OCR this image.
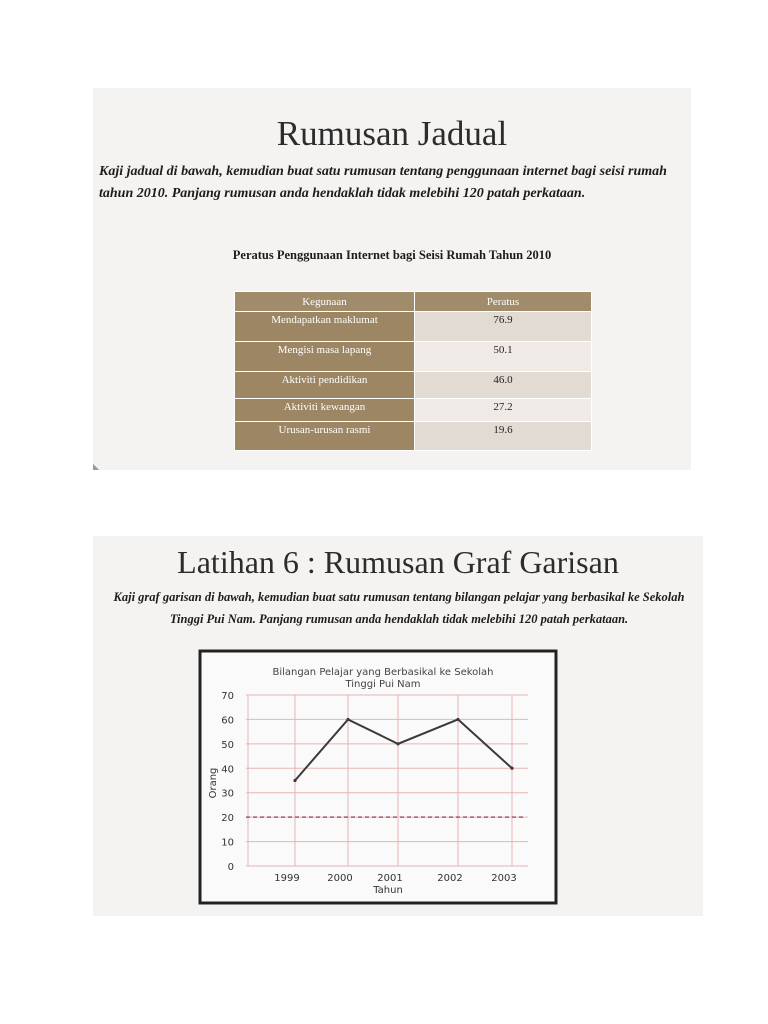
Rumusan Jadual
Kaji jadual di bawah, kemudian buat satu rumusan tentang penggunaan internet bagi seisi rumah tahun 2010. Panjang rumusan anda hendaklah tidak melebihi 120 patah perkataan.
Peratus Penggunaan Internet bagi Seisi Rumah Tahun 2010
Kegunaan	Peratus
Mendapatkan maklumat	76.9
Mengisi masa lapang	50.1
Aktiviti pendidikan	46.0
Aktiviti kewangan	27.2
Urusan-urusan rasmi	19.6
◣
Latihan 6 : Rumusan Graf Garisan
Kaji graf garisan di bawah, kemudian buat satu rumusan tentang bilangan pelajar yang berbasikal ke Sekolah Tinggi Pui Nam. Panjang rumusan anda hendaklah tidak melebihi 120 patah perkataan.
Bilangan Pelajar yang Berbasikal ke Sekolah
Tinggi Pui Nam
Tahun
Orang
0
10
20
30
40
50
60
70
1999	2000 2001	2002	2003
